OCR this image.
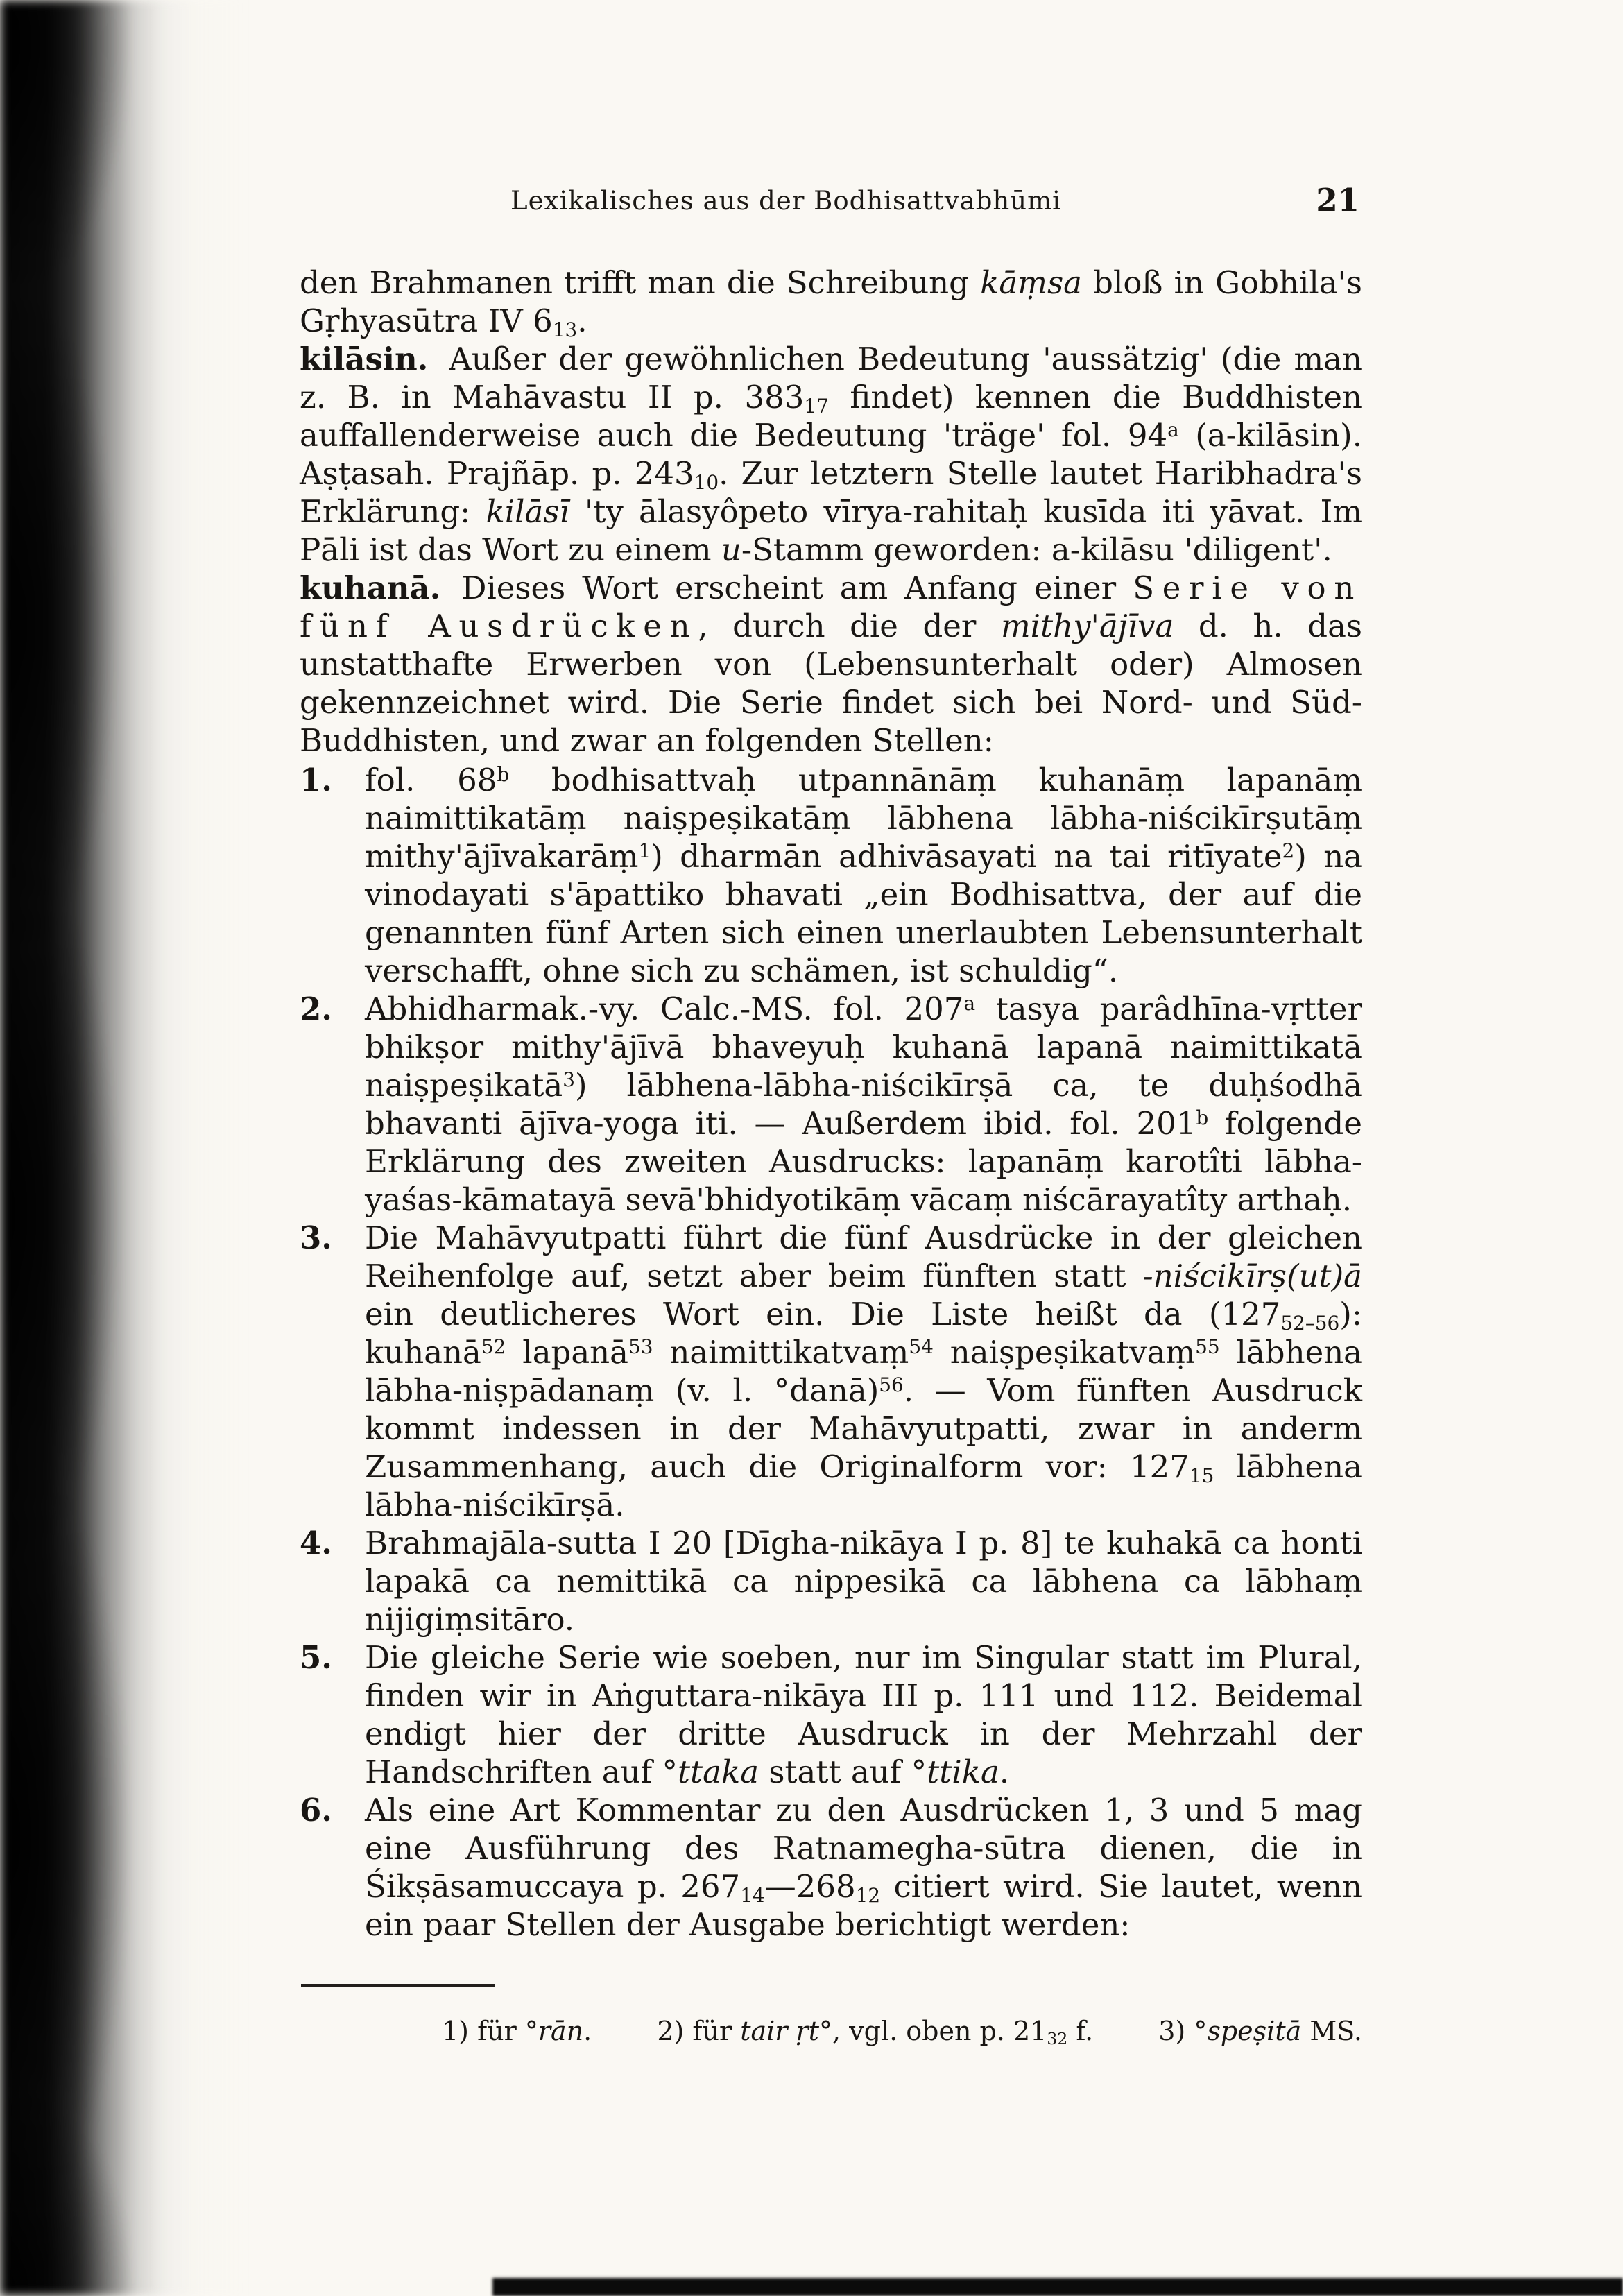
Lexikalisches aus der Bodhisattvabhūmi	21

den Brahmanen trifft man die Schreibung kāṃsa bloß in Gobhila's Gṛhyasūtra IV $6_{13}$.

kilāsin. Außer der gewöhnlichen Bedeutung 'aussätzig' (die man z. B. in Mahāvastu II p. $383_{17}$ findet) kennen die Buddhisten auffallenderweise auch die Bedeutung 'träge' fol. 94$^a$ (a-kilāsin). Aṣṭasah. Prajñāp. p. $243_{10}$. Zur letztern Stelle lautet Haribhadra's Erklärung: kilāsī 'ty ālasyôpeto vīrya-rahitaḥ kusīda iti yāvat. Im Pāli ist das Wort zu einem u-Stamm geworden: a-kilāsu 'diligent'.

kuhanā. Dieses Wort erscheint am Anfang einer Serie von fünf Ausdrücken, durch die der mithy'ājīva d. h. das unstatthafte Erwerben von (Lebensunterhalt oder) Almosen gekennzeichnet wird. Die Serie findet sich bei Nord- und Süd-Buddhisten, und zwar an folgenden Stellen:

1. fol. 68$^b$ bodhisattvaḥ utpannānāṃ kuhanāṃ lapanāṃ naimittikatāṃ naiṣpeṣikatāṃ lābhena lābha-niścikīrṣutāṃ mithy'ājīvakarāṃ$^1$) dharmān adhivāsayati na tai ritīyate$^2$) na vinodayati s'āpattiko bhavati „ein Bodhisattva, der auf die genannten fünf Arten sich einen unerlaubten Lebensunterhalt verschafft, ohne sich zu schämen, ist schuldig“.
2. Abhidharmak.-vy. Calc.-MS. fol. 207$^a$ tasya parâdhīna-vṛtter bhikṣor mithy'ājīvā bhaveyuḥ kuhanā lapanā naimittikatā naiṣpeṣikatā$^3$) lābhena-lābha-niścikīrṣā ca, te duḥśodhā bhavanti ājīva-yoga iti. — Außerdem ibid. fol. 201$^b$ folgende Erklärung des zweiten Ausdrucks: lapanāṃ karotîti lābha-yaśas-kāmatayā sevā'bhidyotikāṃ vācaṃ niścārayatîty arthaḥ.
3. Die Mahāvyutpatti führt die fünf Ausdrücke in der gleichen Reihenfolge auf, setzt aber beim fünften statt -niścikīrṣ(ut)ā ein deutlicheres Wort ein. Die Liste heißt da $(127_{52-56})$: kuhanā$^{52}$ lapanā$^{53}$ naimittikatvaṃ$^{54}$ naiṣpeṣikatvaṃ$^{55}$ lābhena lābha-niṣpādanaṃ (v. l. °danā)$^{56}$. — Vom fünften Ausdruck kommt indessen in der Mahāvyutpatti, zwar in anderm Zusammenhang, auch die Originalform vor: $127_{15}$ lābhena lābha-niścikīrṣā.
4. Brahmajāla-sutta I 20 [Dīgha-nikāya I p. 8] te kuhakā ca honti lapakā ca nemittikā ca nippesikā ca lābhena ca lābhaṃ nijigiṃsitāro.
5. Die gleiche Serie wie soeben, nur im Singular statt im Plural, finden wir in Aṅguttara-nikāya III p. 111 und 112. Beidemal endigt hier der dritte Ausdruck in der Mehrzahl der Handschriften auf °ttaka statt auf °ttika.
6. Als eine Art Kommentar zu den Ausdrücken 1, 3 und 5 mag eine Ausführung des Ratnamegha-sūtra dienen, die in Śikṣāsamuccaya p. $267_{14}—268_{12}$ citiert wird. Sie lautet, wenn ein paar Stellen der Ausgabe berichtigt werden:
1) für °rān. 2) für tair ṛt°, vgl. oben p. $21_{32}$ f. 3) °speṣitā MS.
